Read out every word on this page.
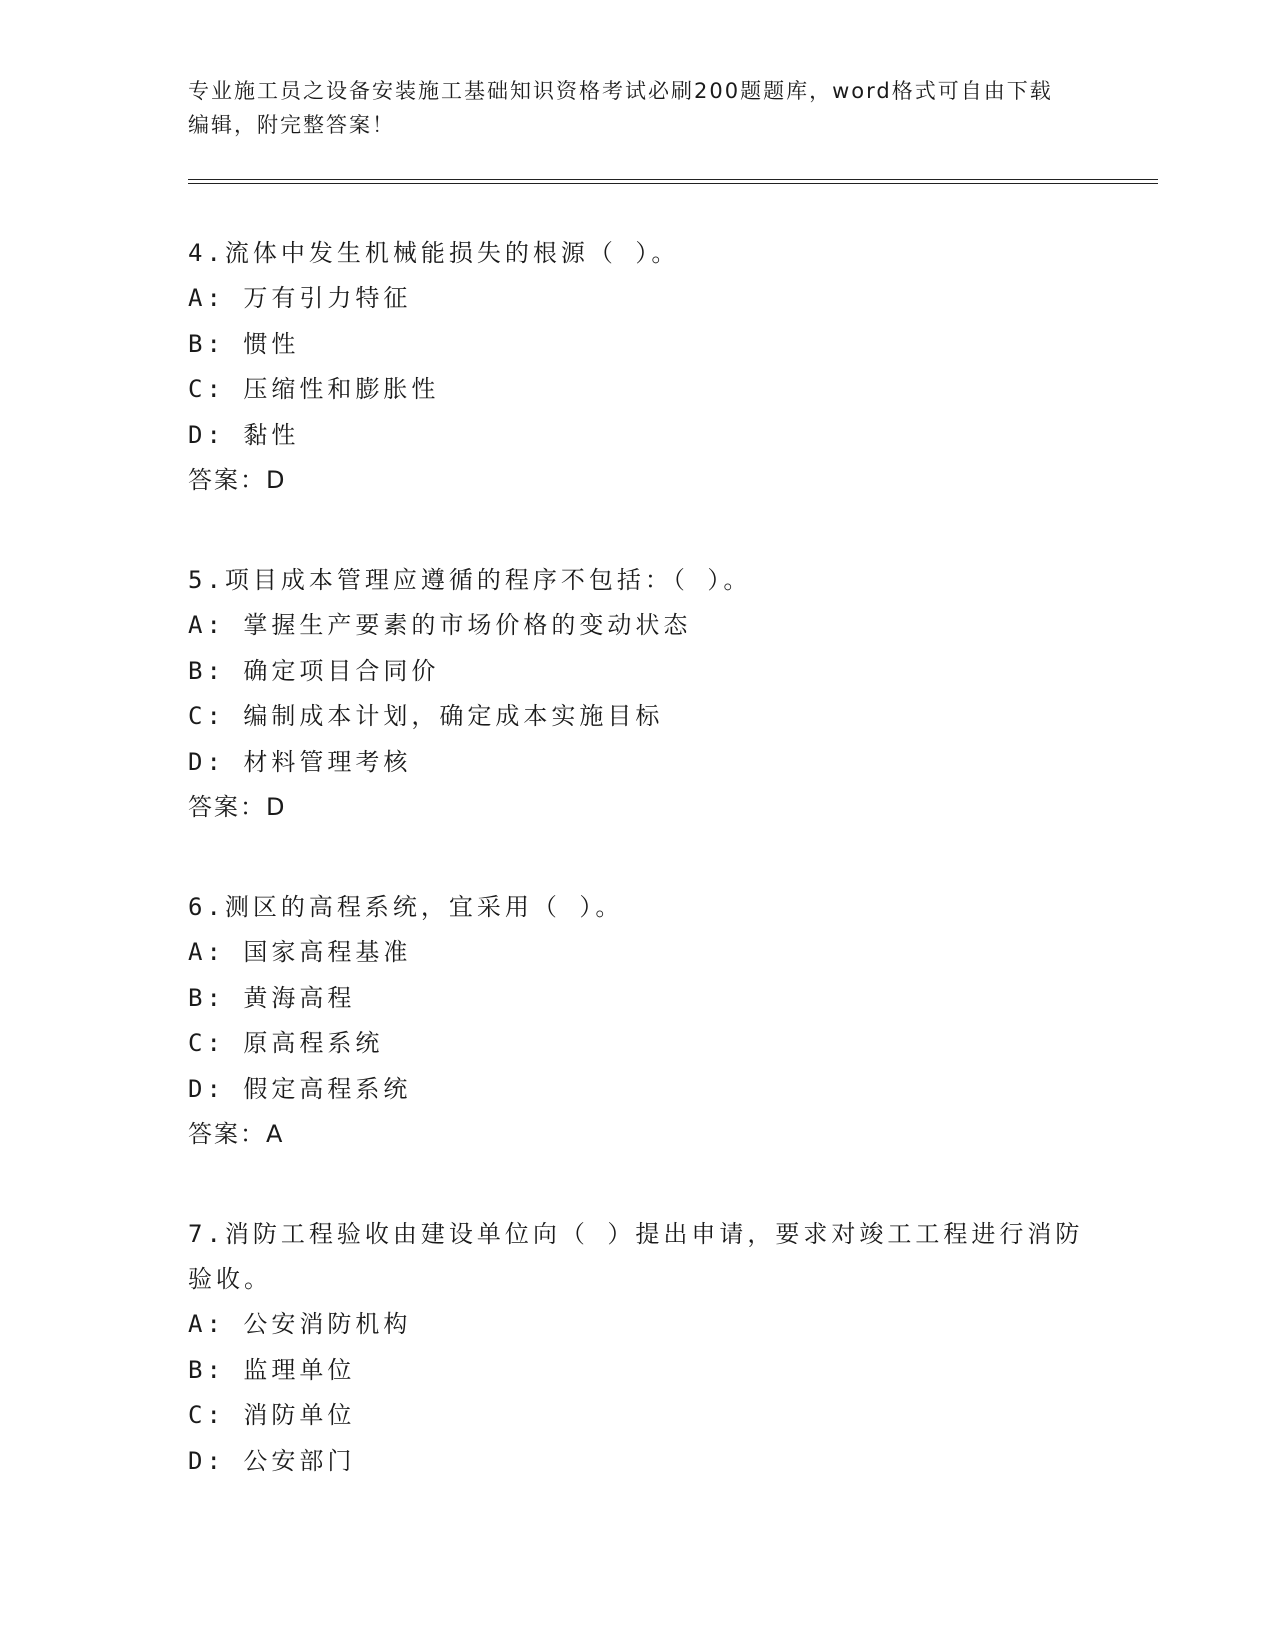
专业施工员之设备安装施工基础知识资格考试必刷200题题库，word格式可自由下载编辑，附完整答案！

4.流体中发生机械能损失的根源（ ）。

A: 万有引力特征

B: 惯性

C: 压缩性和膨胀性

D: 黏性

答案：D

5.项目成本管理应遵循的程序不包括：（ ）。

A: 掌握生产要素的市场价格的变动状态

B: 确定项目合同价

C: 编制成本计划，确定成本实施目标

D: 材料管理考核

答案：D

6.测区的高程系统，宜采用（ ）。

A: 国家高程基准

B: 黄海高程

C: 原高程系统

D: 假定高程系统

答案：A

7.消防工程验收由建设单位向（ ）提出申请，要求对竣工工程进行消防验收。

A: 公安消防机构

B: 监理单位

C: 消防单位

D: 公安部门
